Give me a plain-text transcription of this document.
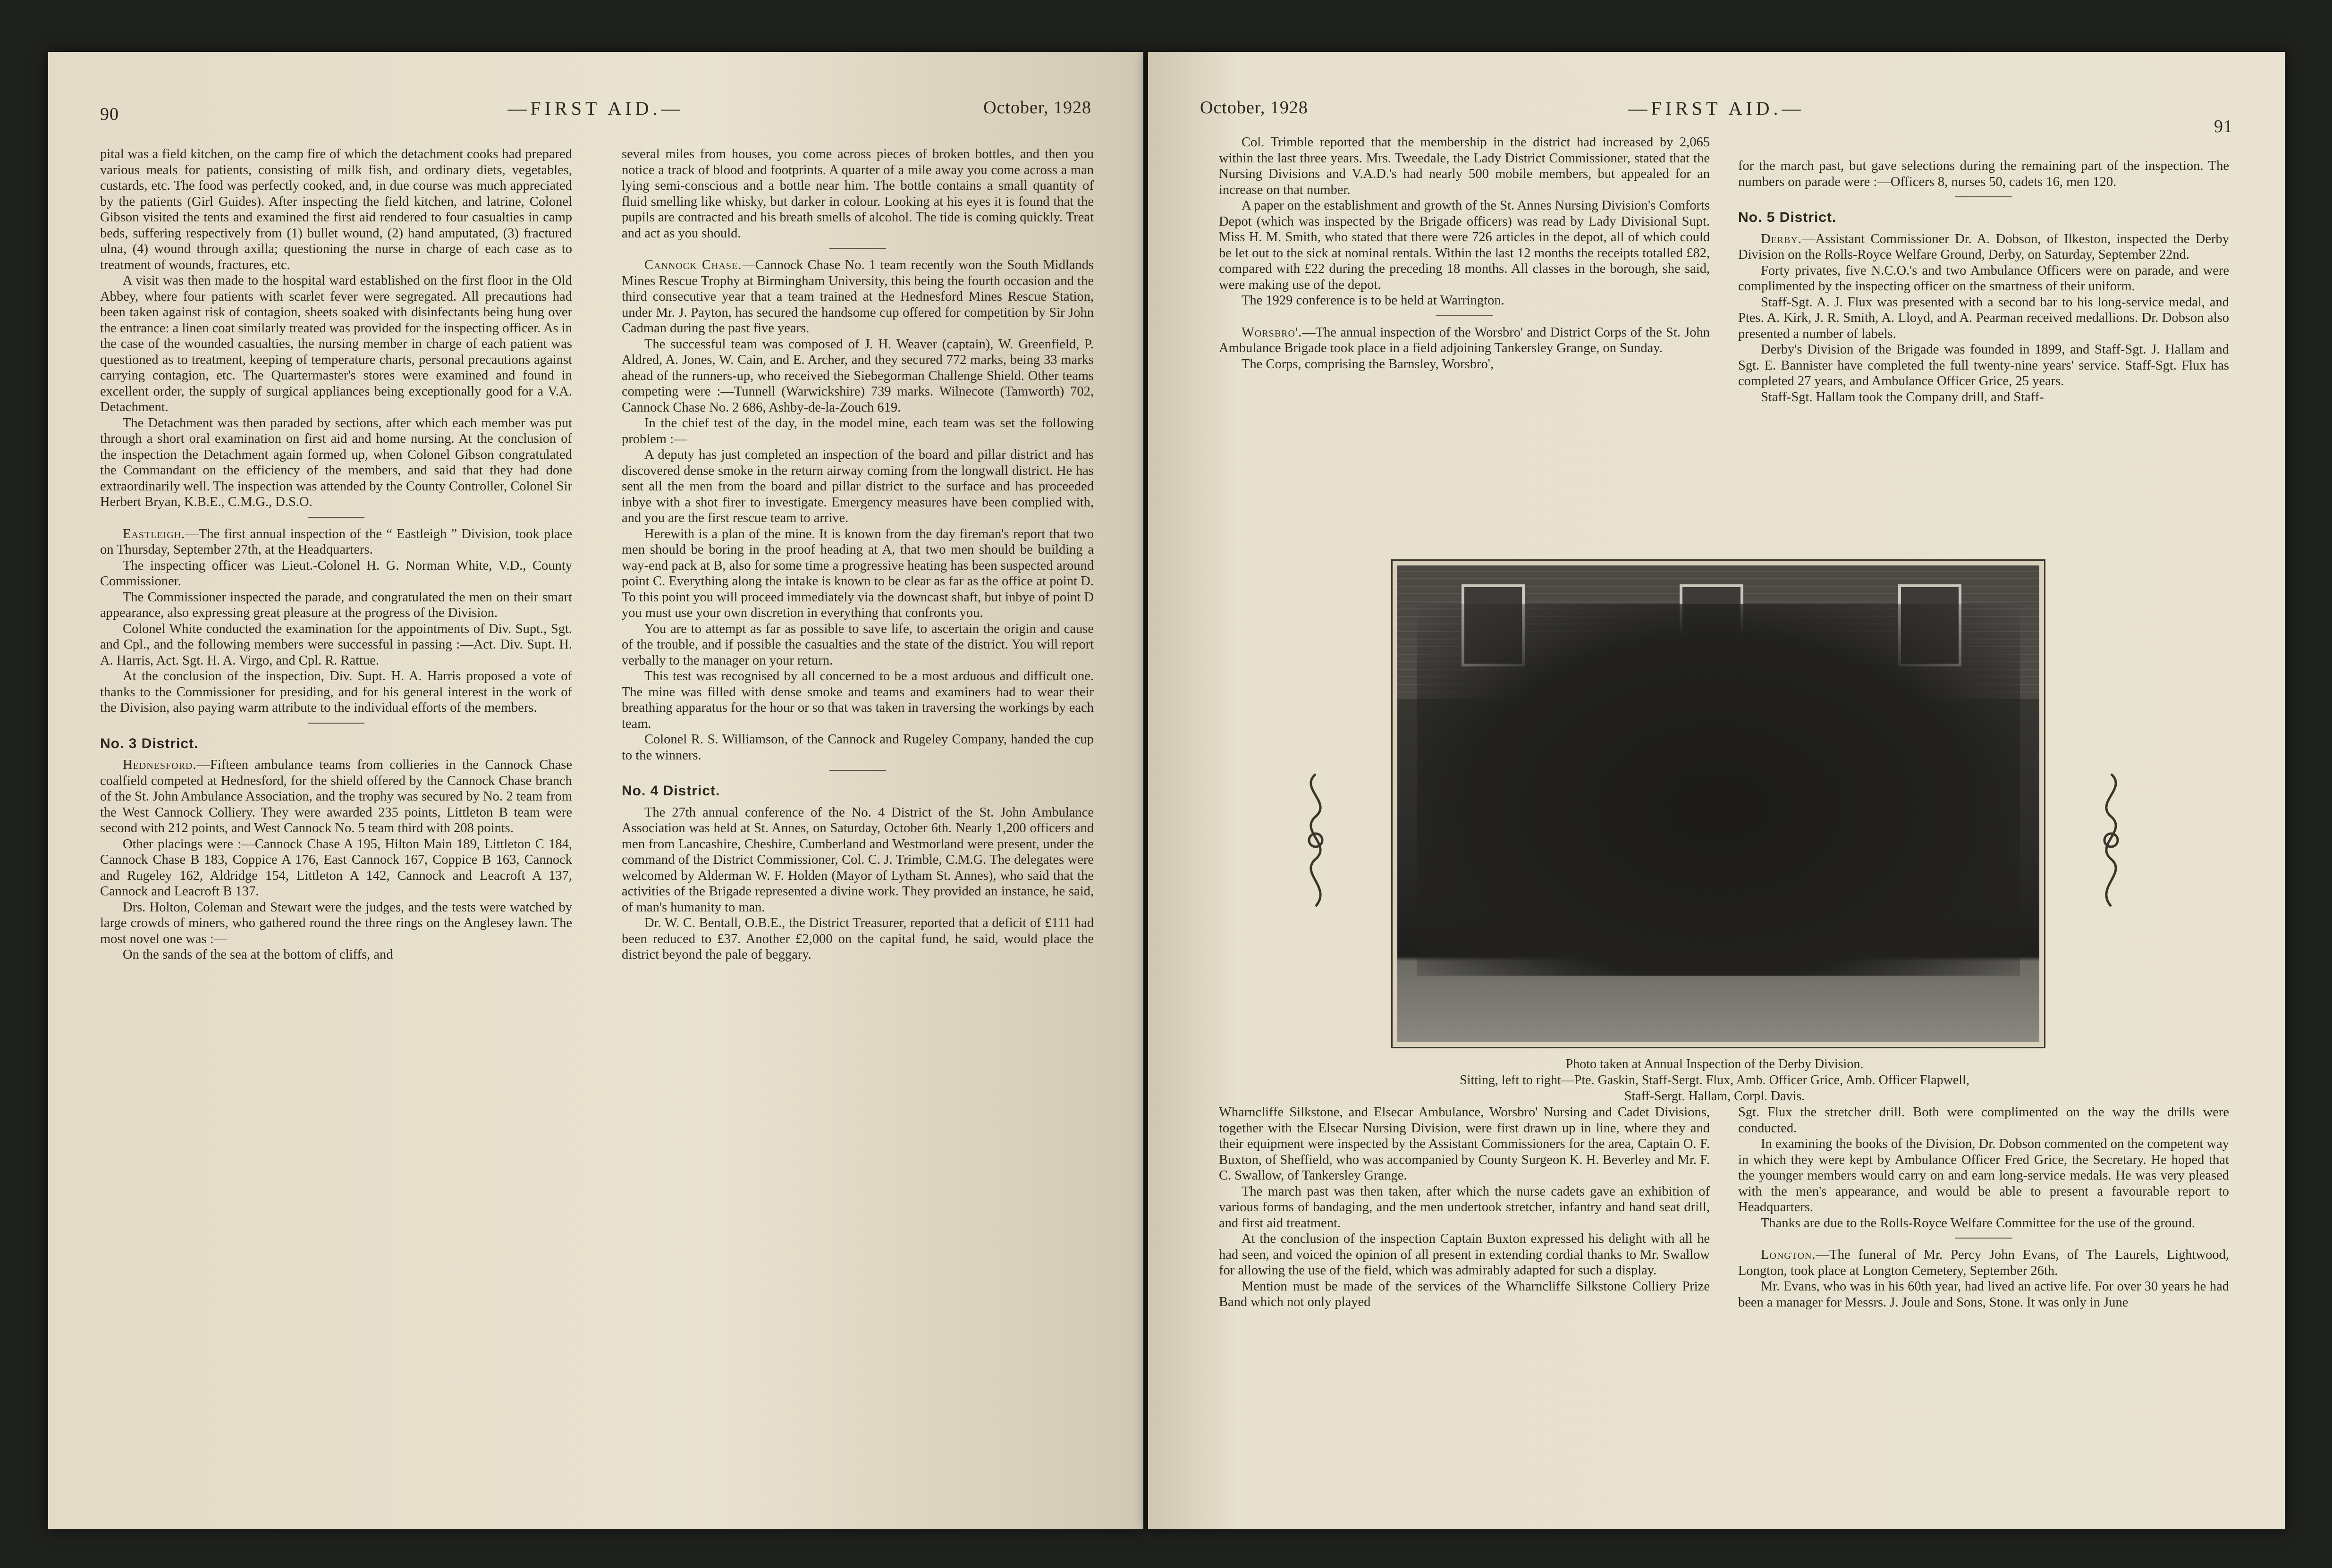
90	—FIRST AID.—	October, 1928

pital was a field kitchen, on the camp fire of which the detachment cooks had prepared various meals for patients, consisting of milk fish, and ordinary diets, vegetables, custards, etc. The food was perfectly cooked, and, in due course was much appreciated by the patients (Girl Guides). After inspecting the field kitchen, and latrine, Colonel Gibson visited the tents and examined the first aid rendered to four casualties in camp beds, suffering respectively from (1) bullet wound, (2) hand amputated, (3) fractured ulna, (4) wound through axilla; questioning the nurse in charge of each case as to treatment of wounds, fractures, etc.

A visit was then made to the hospital ward established on the first floor in the Old Abbey, where four patients with scarlet fever were segregated. All precautions had been taken against risk of contagion, sheets soaked with disinfectants being hung over the entrance: a linen coat similarly treated was provided for the inspecting officer. As in the case of the wounded casualties, the nursing member in charge of each patient was questioned as to treatment, keeping of temperature charts, personal precautions against carrying contagion, etc. The Quartermaster's stores were examined and found in excellent order, the supply of surgical appliances being exceptionally good for a V.A. Detachment.

The Detachment was then paraded by sections, after which each member was put through a short oral examination on first aid and home nursing. At the conclusion of the inspection the Detachment again formed up, when Colonel Gibson congratulated the Commandant on the efficiency of the members, and said that they had done extraordinarily well. The inspection was attended by the County Controller, Colonel Sir Herbert Bryan, K.B.E., C.M.G., D.S.O.

Eastleigh.—The first annual inspection of the “ Eastleigh ” Division, took place on Thursday, September 27th, at the Headquarters.

The inspecting officer was Lieut.-Colonel H. G. Norman White, V.D., County Commissioner.

The Commissioner inspected the parade, and congratulated the men on their smart appearance, also expressing great pleasure at the progress of the Division.

Colonel White conducted the examination for the appointments of Div. Supt., Sgt. and Cpl., and the following members were successful in passing :—Act. Div. Supt. H. A. Harris, Act. Sgt. H. A. Virgo, and Cpl. R. Rattue.

At the conclusion of the inspection, Div. Supt. H. A. Harris proposed a vote of thanks to the Commissioner for presiding, and for his general interest in the work of the Division, also paying warm attribute to the individual efforts of the members.

No. 3 District.

Hednesford.—Fifteen ambulance teams from collieries in the Cannock Chase coalfield competed at Hednesford, for the shield offered by the Cannock Chase branch of the St. John Ambulance Association, and the trophy was secured by No. 2 team from the West Cannock Colliery. They were awarded 235 points, Littleton B team were second with 212 points, and West Cannock No. 5 team third with 208 points.

Other placings were :—Cannock Chase A 195, Hilton Main 189, Littleton C 184, Cannock Chase B 183, Coppice A 176, East Cannock 167, Coppice B 163, Cannock and Rugeley 162, Aldridge 154, Littleton A 142, Cannock and Leacroft A 137, Cannock and Leacroft B 137.

Drs. Holton, Coleman and Stewart were the judges, and the tests were watched by large crowds of miners, who gathered round the three rings on the Anglesey lawn. The most novel one was :—

On the sands of the sea at the bottom of cliffs, and

several miles from houses, you come across pieces of broken bottles, and then you notice a track of blood and footprints. A quarter of a mile away you come across a man lying semi-conscious and a bottle near him. The bottle contains a small quantity of fluid smelling like whisky, but darker in colour. Looking at his eyes it is found that the pupils are contracted and his breath smells of alcohol. The tide is coming quickly. Treat and act as you should.

Cannock Chase.—Cannock Chase No. 1 team recently won the South Midlands Mines Rescue Trophy at Birmingham University, this being the fourth occasion and the third consecutive year that a team trained at the Hednesford Mines Rescue Station, under Mr. J. Payton, has secured the handsome cup offered for competition by Sir John Cadman during the past five years.

The successful team was composed of J. H. Weaver (captain), W. Greenfield, P. Aldred, A. Jones, W. Cain, and E. Archer, and they secured 772 marks, being 33 marks ahead of the runners-up, who received the Siebegorman Challenge Shield. Other teams competing were :—Tunnell (Warwickshire) 739 marks. Wilnecote (Tamworth) 702, Cannock Chase No. 2 686, Ashby-de-la-Zouch 619.

In the chief test of the day, in the model mine, each team was set the following problem :—

A deputy has just completed an inspection of the board and pillar district and has discovered dense smoke in the return airway coming from the longwall district. He has sent all the men from the board and pillar district to the surface and has proceeded inbye with a shot firer to investigate. Emergency measures have been complied with, and you are the first rescue team to arrive.

Herewith is a plan of the mine. It is known from the day fireman's report that two men should be boring in the proof heading at A, that two men should be building a way-end pack at B, also for some time a progressive heating has been suspected around point C. Everything along the intake is known to be clear as far as the office at point D. To this point you will proceed immediately via the downcast shaft, but inbye of point D you must use your own discretion in everything that confronts you.

You are to attempt as far as possible to save life, to ascertain the origin and cause of the trouble, and if possible the casualties and the state of the district. You will report verbally to the manager on your return.

This test was recognised by all concerned to be a most arduous and difficult one. The mine was filled with dense smoke and teams and examiners had to wear their breathing apparatus for the hour or so that was taken in traversing the workings by each team.

Colonel R. S. Williamson, of the Cannock and Rugeley Company, handed the cup to the winners.

No. 4 District.

The 27th annual conference of the No. 4 District of the St. John Ambulance Association was held at St. Annes, on Saturday, October 6th. Nearly 1,200 officers and men from Lancashire, Cheshire, Cumberland and Westmorland were present, under the command of the District Commissioner, Col. C. J. Trimble, C.M.G. The delegates were welcomed by Alderman W. F. Holden (Mayor of Lytham St. Annes), who said that the activities of the Brigade represented a divine work. They provided an instance, he said, of man's humanity to man.

Dr. W. C. Bentall, O.B.E., the District Treasurer, reported that a deficit of £111 had been reduced to £37. Another £2,000 on the capital fund, he said, would place the district beyond the pale of beggary.

October, 1928	—FIRST AID.—
91

Col. Trimble reported that the membership in the district had increased by 2,065 within the last three years. Mrs. Tweedale, the Lady District Commissioner, stated that the Nursing Divisions and V.A.D.'s had nearly 500 mobile members, but appealed for an increase on that number.

A paper on the establishment and growth of the St. Annes Nursing Division's Comforts Depot (which was inspected by the Brigade officers) was read by Lady Divisional Supt. Miss H. M. Smith, who stated that there were 726 articles in the depot, all of which could be let out to the sick at nominal rentals. Within the last 12 months the receipts totalled £82, compared with £22 during the preceding 18 months. All classes in the borough, she said, were making use of the depot.

The 1929 conference is to be held at Warrington.

Worsbro'.—The annual inspection of the Worsbro' and District Corps of the St. John Ambulance Brigade took place in a field adjoining Tankersley Grange, on Sunday.

The Corps, comprising the Barnsley, Worsbro',

for the march past, but gave selections during the remaining part of the inspection. The numbers on parade were :—Officers 8, nurses 50, cadets 16, men 120.

No. 5 District.

Derby.—Assistant Commissioner Dr. A. Dobson, of Ilkeston, inspected the Derby Division on the Rolls-Royce Welfare Ground, Derby, on Saturday, September 22nd.

Forty privates, five N.C.O.'s and two Ambulance Officers were on parade, and were complimented by the inspecting officer on the smartness of their uniform.

Staff-Sgt. A. J. Flux was presented with a second bar to his long-service medal, and Ptes. A. Kirk, J. R. Smith, A. Lloyd, and A. Pearman received medallions. Dr. Dobson also presented a number of labels.

Derby's Division of the Brigade was founded in 1899, and Staff-Sgt. J. Hallam and Sgt. E. Bannister have completed the full twenty-nine years' service. Staff-Sgt. Flux has completed 27 years, and Ambulance Officer Grice, 25 years.

Staff-Sgt. Hallam took the Company drill, and Staff-

Photo taken at Annual Inspection of the Derby Division.
Sitting, left to right—Pte. Gaskin, Staff-Sergt. Flux, Amb. Officer Grice, Amb. Officer Flapwell,
Staff-Sergt. Hallam, Corpl. Davis.

Wharncliffe Silkstone, and Elsecar Ambulance, Worsbro' Nursing and Cadet Divisions, together with the Elsecar Nursing Division, were first drawn up in line, where they and their equipment were inspected by the Assistant Commissioners for the area, Captain O. F. Buxton, of Sheffield, who was accompanied by County Surgeon K. H. Beverley and Mr. F. C. Swallow, of Tankersley Grange.

The march past was then taken, after which the nurse cadets gave an exhibition of various forms of bandaging, and the men undertook stretcher, infantry and hand seat drill, and first aid treatment.

At the conclusion of the inspection Captain Buxton expressed his delight with all he had seen, and voiced the opinion of all present in extending cordial thanks to Mr. Swallow for allowing the use of the field, which was admirably adapted for such a display.

Mention must be made of the services of the Wharncliffe Silkstone Colliery Prize Band which not only played

Sgt. Flux the stretcher drill. Both were complimented on the way the drills were conducted.

In examining the books of the Division, Dr. Dobson commented on the competent way in which they were kept by Ambulance Officer Fred Grice, the Secretary. He hoped that the younger members would carry on and earn long-service medals. He was very pleased with the men's appearance, and would be able to present a favourable report to Headquarters.

Thanks are due to the Rolls-Royce Welfare Committee for the use of the ground.

Longton.—The funeral of Mr. Percy John Evans, of The Laurels, Lightwood, Longton, took place at Longton Cemetery, September 26th.

Mr. Evans, who was in his 60th year, had lived an active life. For over 30 years he had been a manager for Messrs. J. Joule and Sons, Stone. It was only in June
